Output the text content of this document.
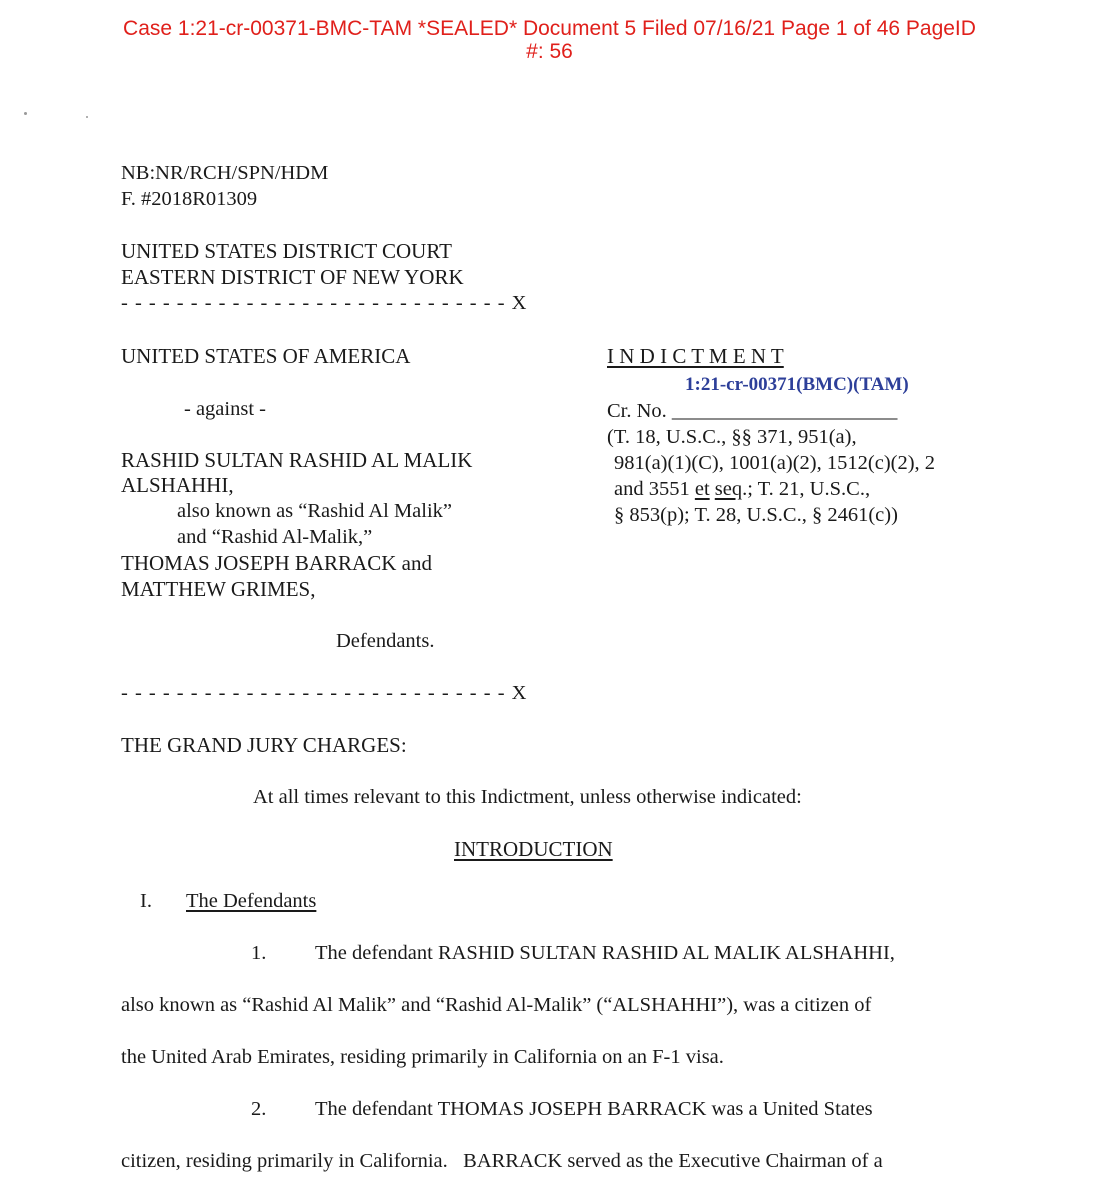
Case 1:21-cr-00371-BMC-TAM *SEALED* Document 5 Filed 07/16/21 Page 1 of 46 PageID
#: 56
NB:NR/RCH/SPN/HDM
F. #2018R01309
UNITED STATES DISTRICT COURT
EASTERN DISTRICT OF NEW YORK
- - - - - - - - - - - - - - - - - - - - - - - - - - - - X
UNITED STATES OF AMERICA
- against -
RASHID SULTAN RASHID AL MALIK
ALSHAHHI,
also known as “Rashid Al Malik”
and “Rashid Al-Malik,”
THOMAS JOSEPH BARRACK and
MATTHEW GRIMES,
Defendants.
- - - - - - - - - - - - - - - - - - - - - - - - - - - - X
I N D I C T M E N T
1:21-cr-00371(BMC)(TAM)
Cr. No. ______________________
(T. 18, U.S.C., §§ 371, 951(a),
981(a)(1)(C), 1001(a)(2), 1512(c)(2), 2
and 3551 et seq.; T. 21, U.S.C.,
§ 853(p); T. 28, U.S.C., § 2461(c))
THE GRAND JURY CHARGES:
At all times relevant to this Indictment, unless otherwise indicated:
INTRODUCTION
I. The Defendants
1. The defendant RASHID SULTAN RASHID AL MALIK ALSHAHHI,
also known as “Rashid Al Malik” and “Rashid Al-Malik” (“ALSHAHHI”), was a citizen of
the United Arab Emirates, residing primarily in California on an F-1 visa.
2. The defendant THOMAS JOSEPH BARRACK was a United States
citizen, residing primarily in California.   BARRACK served as the Executive Chairman of a
